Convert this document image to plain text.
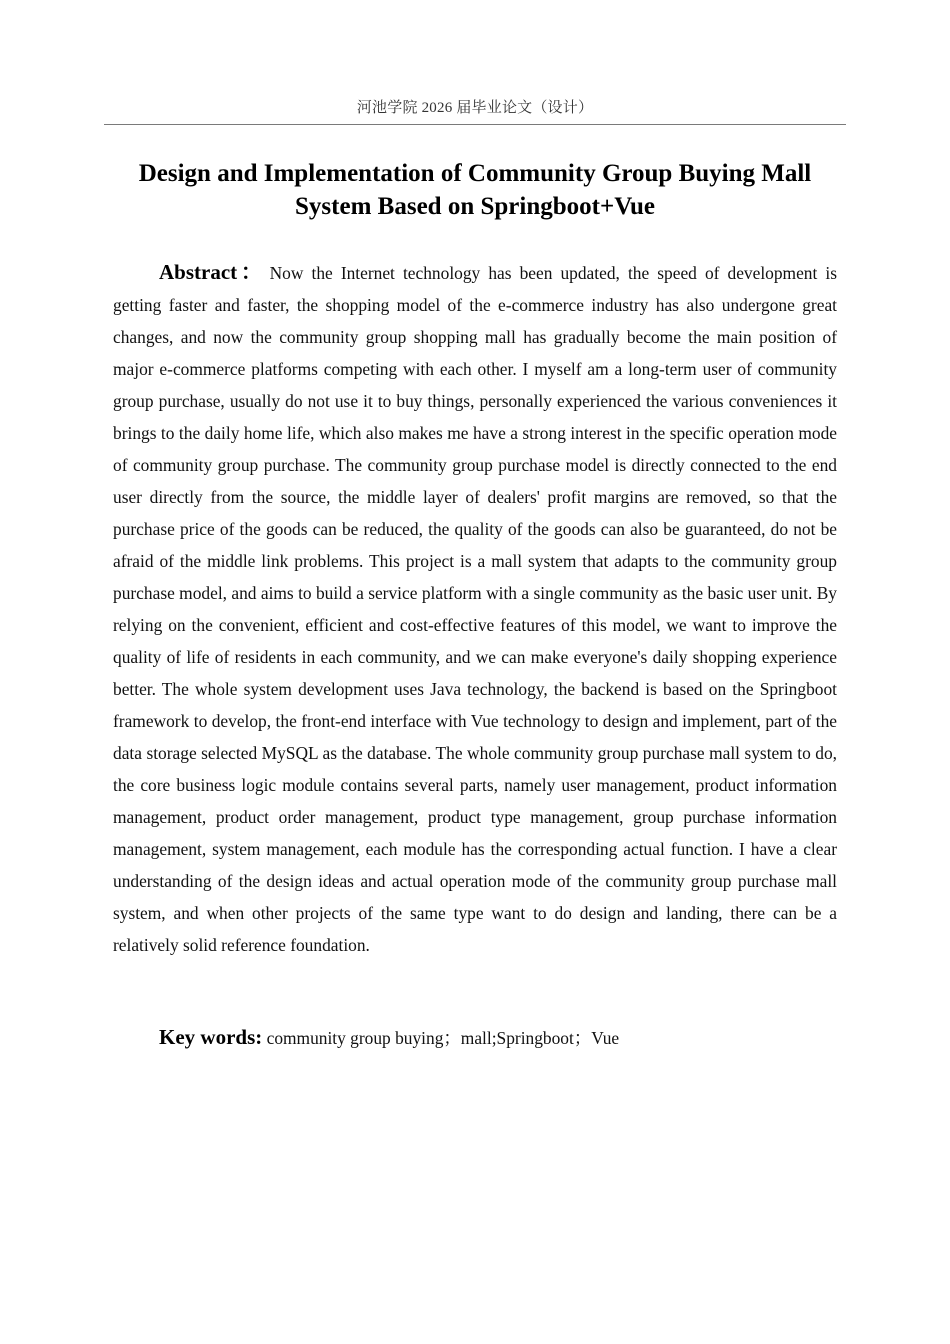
河池学院 2026 届毕业论文（设计）
Design and Implementation of Community Group Buying Mall System Based on Springboot+Vue

Abstract： Now the Internet technology has been updated, the speed of development is getting faster and faster, the shopping model of the e-commerce industry has also undergone great changes, and now the community group shopping mall has gradually become the main position of major e-commerce platforms competing with each other. I myself am a long-term user of community group purchase, usually do not use it to buy things, personally experienced the various conveniences it brings to the daily home life, which also makes me have a strong interest in the specific operation mode of community group purchase. The community group purchase model is directly connected to the end user directly from the source, the middle layer of dealers' profit margins are removed, so that the purchase price of the goods can be reduced, the quality of the goods can also be guaranteed, do not be afraid of the middle link problems. This project is a mall system that adapts to the community group purchase model, and aims to build a service platform with a single community as the basic user unit. By relying on the convenient, efficient and cost-effective features of this model, we want to improve the quality of life of residents in each community, and we can make everyone's daily shopping experience better. The whole system development uses Java technology, the backend is based on the Springboot framework to develop, the front-end interface with Vue technology to design and implement, part of the data storage selected MySQL as the database. The whole community group purchase mall system to do, the core business logic module contains several parts, namely user management, product information management, product order management, product type management, group purchase information management, system management, each module has the corresponding actual function. I have a clear understanding of the design ideas and actual operation mode of the community group purchase mall system, and when other projects of the same type want to do design and landing, there can be a relatively solid reference foundation.

Key words: community group buying；mall;Springboot；Vue
